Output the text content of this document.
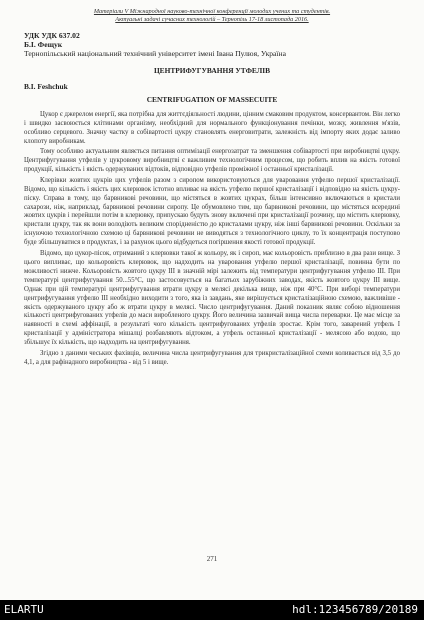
Матеріали V Міжнародної науково-технічної конференції молодих учених та студентів.
Актуальні задачі сучасних технологій – Тернопіль 17-18 листопада 2016.
УДК УДК 637.02
Б.І. Фещук
Тернопільський національний технічний університет імені Івана Пулюя, Україна
ЦЕНТРИФУГУВАННЯ УТФЕЛІВ
B.I. Feshchuk
CENTRIFUGATION OF MASSECUITE

Цукор є джерелом енергії, яка потрібна для життєдіяльності людини, цінним смаковим продуктом, консервантом. Він легко і швидко засвоюється клітинами організму, необхідний для нормального функціонування печінки, мозку, живлення м'язів, особливо серцевого. Значну частку в собівартості цукру становлять енерговитрати, залежність від імпорту яких додає заливо клопоту виробникам.

Тому особливо актуальним являється питання оптимізації енергозатрат та зменшення собівартості при виробництві цукру. Центрифугування утфелів у цукровому виробництві є важливим технологічним процесом, що робить вплив на якість готової продукції, кількість і якість одержуваних відтоків, відповідно утфелів проміжної і останньої кристалізації.

Клерівки жовтих цукрів цих утфелів разом з сиропом використовуються для уваровання утфелю першої кристалізації. Відомо, що кількість і якість цих клерювок істотно впливає на якість утфелю першої кристалізації і відповідно на якість цукру-піску. Справа в тому, що барвникові речовини, що містяться в жовтих цукрах, більш інтенсивно включаються в кристали сахарози, ніж, наприклад, барвникові речовини сиропу. Це обумовлено тим, що барвникові речовини, що містяться всередині жовтих цукрів і перейшли потім в клерювку, припускаю будуть знову включені при кристалізації розчину, що містить клерювку, кристали цукру, так як вони володіють великим спорідненістю до кристалами цукру, ніж інші барвникові речовини. Оскільки за існуючою технологічною схемою ці барвникові речовини не виводяться з технологічного циклу, то їх концентрація поступово буде збільшуватися в продуктах, і за рахунок цього відбудеться погіршення якості готової продукції.

Відомо, що цукор-пісок, отриманий з клерювки такої ж кольору, як і сироп, має кольоровість приблизно в два рази вище. З цього випливає, що кольоровість клерювок, що надходить на уваровання утфелю першої кристалізації, повинна бути по можливості нижче. Кольоровість жовтого цукру ІІІ в значній мірі залежить від температури центрифугування утфелю ІІІ. При температурі центрифугування 50...55°С, що застосовується на багатьох зарубіжних заводах, якість жовтого цукру ІІІ вище. Однак при цій температурі центрифугування втрати цукру в мелясі декілька вище, ніж при 40°С. При виборі температури центрифугування утфелю ІІІ необхідно виходити з того, яка із завдань, яке вирішується кристалізаційною схемою, важливіше - якість одержуваного цукру або ж втрати цукру в мелясі. Число центрифугування. Даний показник являє собою відношення кількості центрифугованих утфелів до маси виробленого цукру. Його величина зазвичай вища числа переварки. Це має місце за наявності в схемі аффінації, в результаті чого кількість центрифугованих утфелів зростає. Крім того, заварений утфель І кристалізації у адміністратора мішалці розбавляють відтоком, а утфель останньої кристалізації - мелясою або водою, що збільшує їх кількість, що надходить на центрифугування.

Згідно з даними чеських фахівців, величина числа центрифугування для трикристалізаційної схеми коливається від 3,5 до 4,1, а для рафінадного виробництва - від 5 і вище.

271
ELARTU	hdl:123456789/20189
